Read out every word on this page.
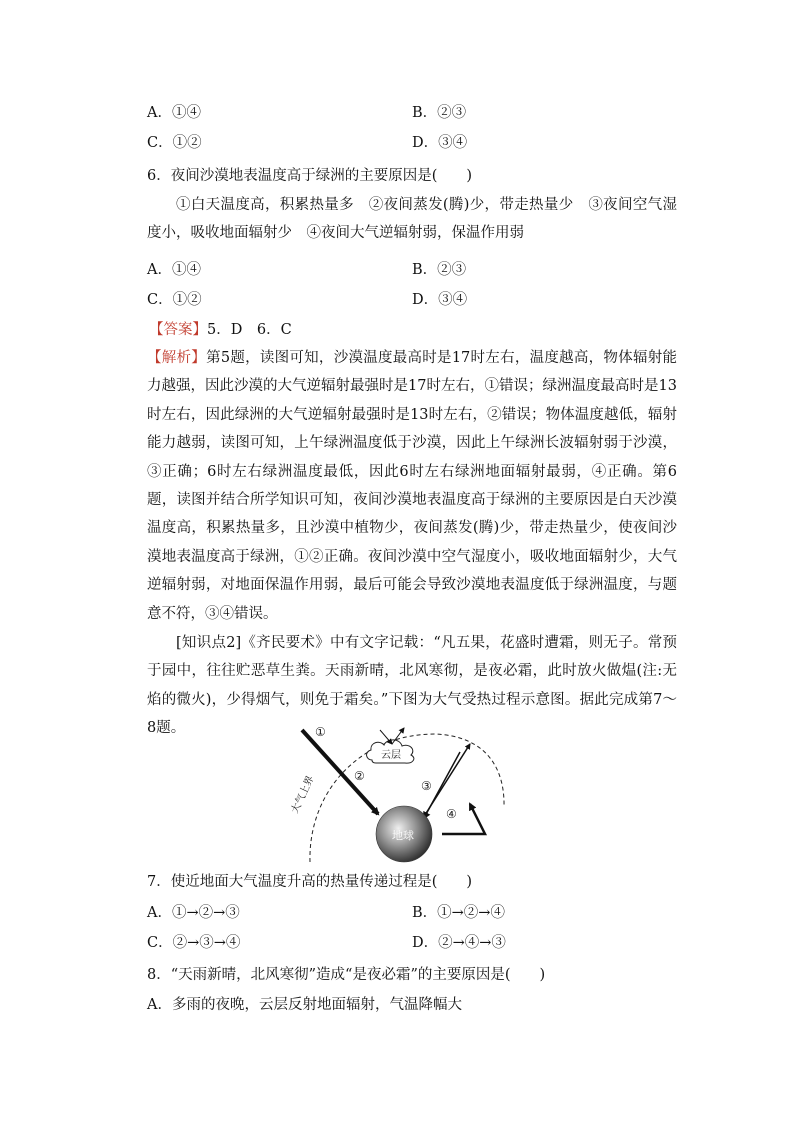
A．①④	B．②③
C．①②	D．③④
6．夜间沙漠地表温度高于绿洲的主要原因是(　　)
①白天温度高，积累热量多　②夜间蒸发(腾)少，带走热量少　③夜间空气湿度小，吸收地面辐射少　④夜间大气逆辐射弱，保温作用弱
A．①④	B．②③
C．①②	D．③④
【答案】5．D　6．C
【解析】第5题，读图可知，沙漠温度最高时是17时左右，温度越高，物体辐射能力越强，因此沙漠的大气逆辐射最强时是17时左右，①错误；绿洲温度最高时是13时左右，因此绿洲的大气逆辐射最强时是13时左右，②错误；物体温度越低，辐射能力越弱，读图可知，上午绿洲温度低于沙漠，因此上午绿洲长波辐射弱于沙漠，③正确；6时左右绿洲温度最低，因此6时左右绿洲地面辐射最弱，④正确。第6题，读图并结合所学知识可知，夜间沙漠地表温度高于绿洲的主要原因是白天沙漠温度高，积累热量多，且沙漠中植物少，夜间蒸发(腾)少，带走热量少，使夜间沙漠地表温度高于绿洲，①②正确。夜间沙漠中空气湿度小，吸收地面辐射少，大气逆辐射弱，对地面保温作用弱，最后可能会导致沙漠地表温度低于绿洲温度，与题意不符，③④错误。
[知识点2]《齐民要术》中有文字记载：“凡五果，花盛时遭霜，则无子。常预于园中，往往贮恶草生粪。天雨新晴，北风寒彻，是夜必霜，此时放火做煴(注:无焰的微火)，少得烟气，则免于霜矣。”下图为大气受热过程示意图。据此完成第7～8题。
大气上界
云层
①
②
③
④
地球
7．使近地面大气温度升高的热量传递过程是(　　)
A．①→②→③	B．①→②→④
C．②→③→④	D．②→④→③
8．“天雨新晴，北风寒彻”造成“是夜必霜”的主要原因是(　　)
A．多雨的夜晚，云层反射地面辐射，气温降幅大
